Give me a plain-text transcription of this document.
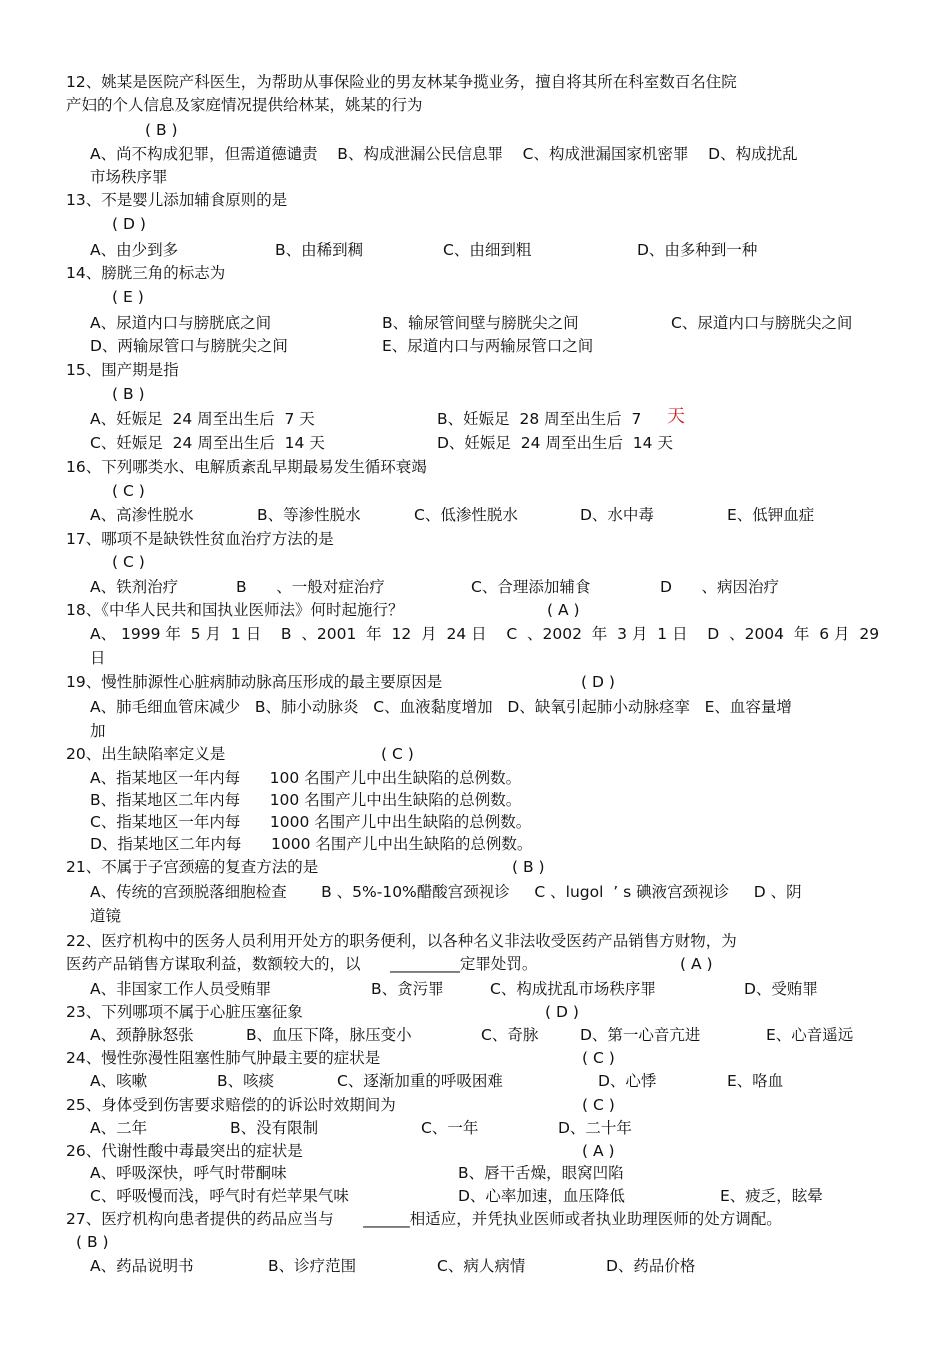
12、姚某是医院产科医生，为帮助从事保险业的男友林某争揽业务，擅自将其所在科室数百名住院
产妇的个人信息及家庭情况提供给林某，姚某的行为
( B )
A、尚不构成犯罪，但需道德谴责    B、构成泄漏公民信息罪    C、构成泄漏国家机密罪    D、构成扰乱
市场秩序罪
13、不是婴儿添加辅食原则的是
( D )
A、由少到多	B、由稀到稠	C、由细到粗	D、由多种到一种
14、膀胱三角的标志为
( E )
A、尿道内口与膀胱底之间	B、输尿管间壁与膀胱尖之间	C、尿道内口与膀胱尖之间
D、两输尿管口与膀胱尖之间	E、尿道内口与两输尿管口之间
15、围产期是指
( B )
A、妊娠足  24 周至出生后  7 天	B、妊娠足  28 周至出生后  7 天
C、妊娠足  24 周至出生后  14 天	D、妊娠足  24 周至出生后  14 天
16、下列哪类水、电解质紊乱早期最易发生循环衰竭
( C )
A、高渗性脱水	B、等渗性脱水	C、低渗性脱水	D、水中毒	E、低钾血症
17、哪项不是缺铁性贫血治疗方法的是
( C )
A、铁剂治疗	B      、一般对症治疗	C、合理添加辅食	D      、病因治疗
18、《中华人民共和国执业医师法》何时起施行？	( A )
A、 1999 年  5 月  1 日    B  、2001  年  12  月  24 日    C  、2002  年  3 月  1 日    D  、2004  年  6 月  29
日
19、慢性肺源性心脏病肺动脉高压形成的最主要原因是	( D )
A、肺毛细血管床减少   B、肺小动脉炎   C、血液黏度增加   D、缺氧引起肺小动脉痉挛   E、血容量增
加
20、出生缺陷率定义是	( C )
A、指某地区一年内每      100 名围产儿中出生缺陷的总例数。
B、指某地区二年内每      100 名围产儿中出生缺陷的总例数。
C、指某地区一年内每      1000 名围产儿中出生缺陷的总例数。
D、指某地区二年内每      1000 名围产儿中出生缺陷的总例数。
21、不属于子宫颈癌的复查方法的是	( B )
A、传统的宫颈脱落细胞检查       B 、5%-10%醋酸宫颈视诊     C 、lugol  ’ s 碘液宫颈视诊     D 、阴
道镜
22、医疗机构中的医务人员利用开处方的职务便利，以各种名义非法收受医药产品销售方财物，为
医药产品销售方谋取利益，数额较大的，以      _________定罪处罚。	( A )
A、非国家工作人员受贿罪	B、贪污罪	C、构成扰乱市场秩序罪	D、受贿罪
23、下列哪项不属于心脏压塞征象	( D )
A、颈静脉怒张	B、血压下降，脉压变小	C、奇脉	D、第一心音亢进	E、心音遥远
24、慢性弥漫性阻塞性肺气肿最主要的症状是	( C )
A、咳嗽	B、咳痰	C、逐渐加重的呼吸困难	D、心悸	E、咯血
25、身体受到伤害要求赔偿的的诉讼时效期间为	( C )
A、二年	B、没有限制	C、一年	D、二十年
26、代谢性酸中毒最突出的症状是	( A )
A、呼吸深快，呼气时带酮味	B、唇干舌燥，眼窝凹陷
C、呼吸慢而浅，呼气时有烂苹果气味	D、心率加速，血压降低	E、疲乏，眩晕
27、医疗机构向患者提供的药品应当与      ______相适应，并凭执业医师或者执业助理医师的处方调配。
( B )
A、药品说明书	B、诊疗范围	C、病人病情	D、药品价格
